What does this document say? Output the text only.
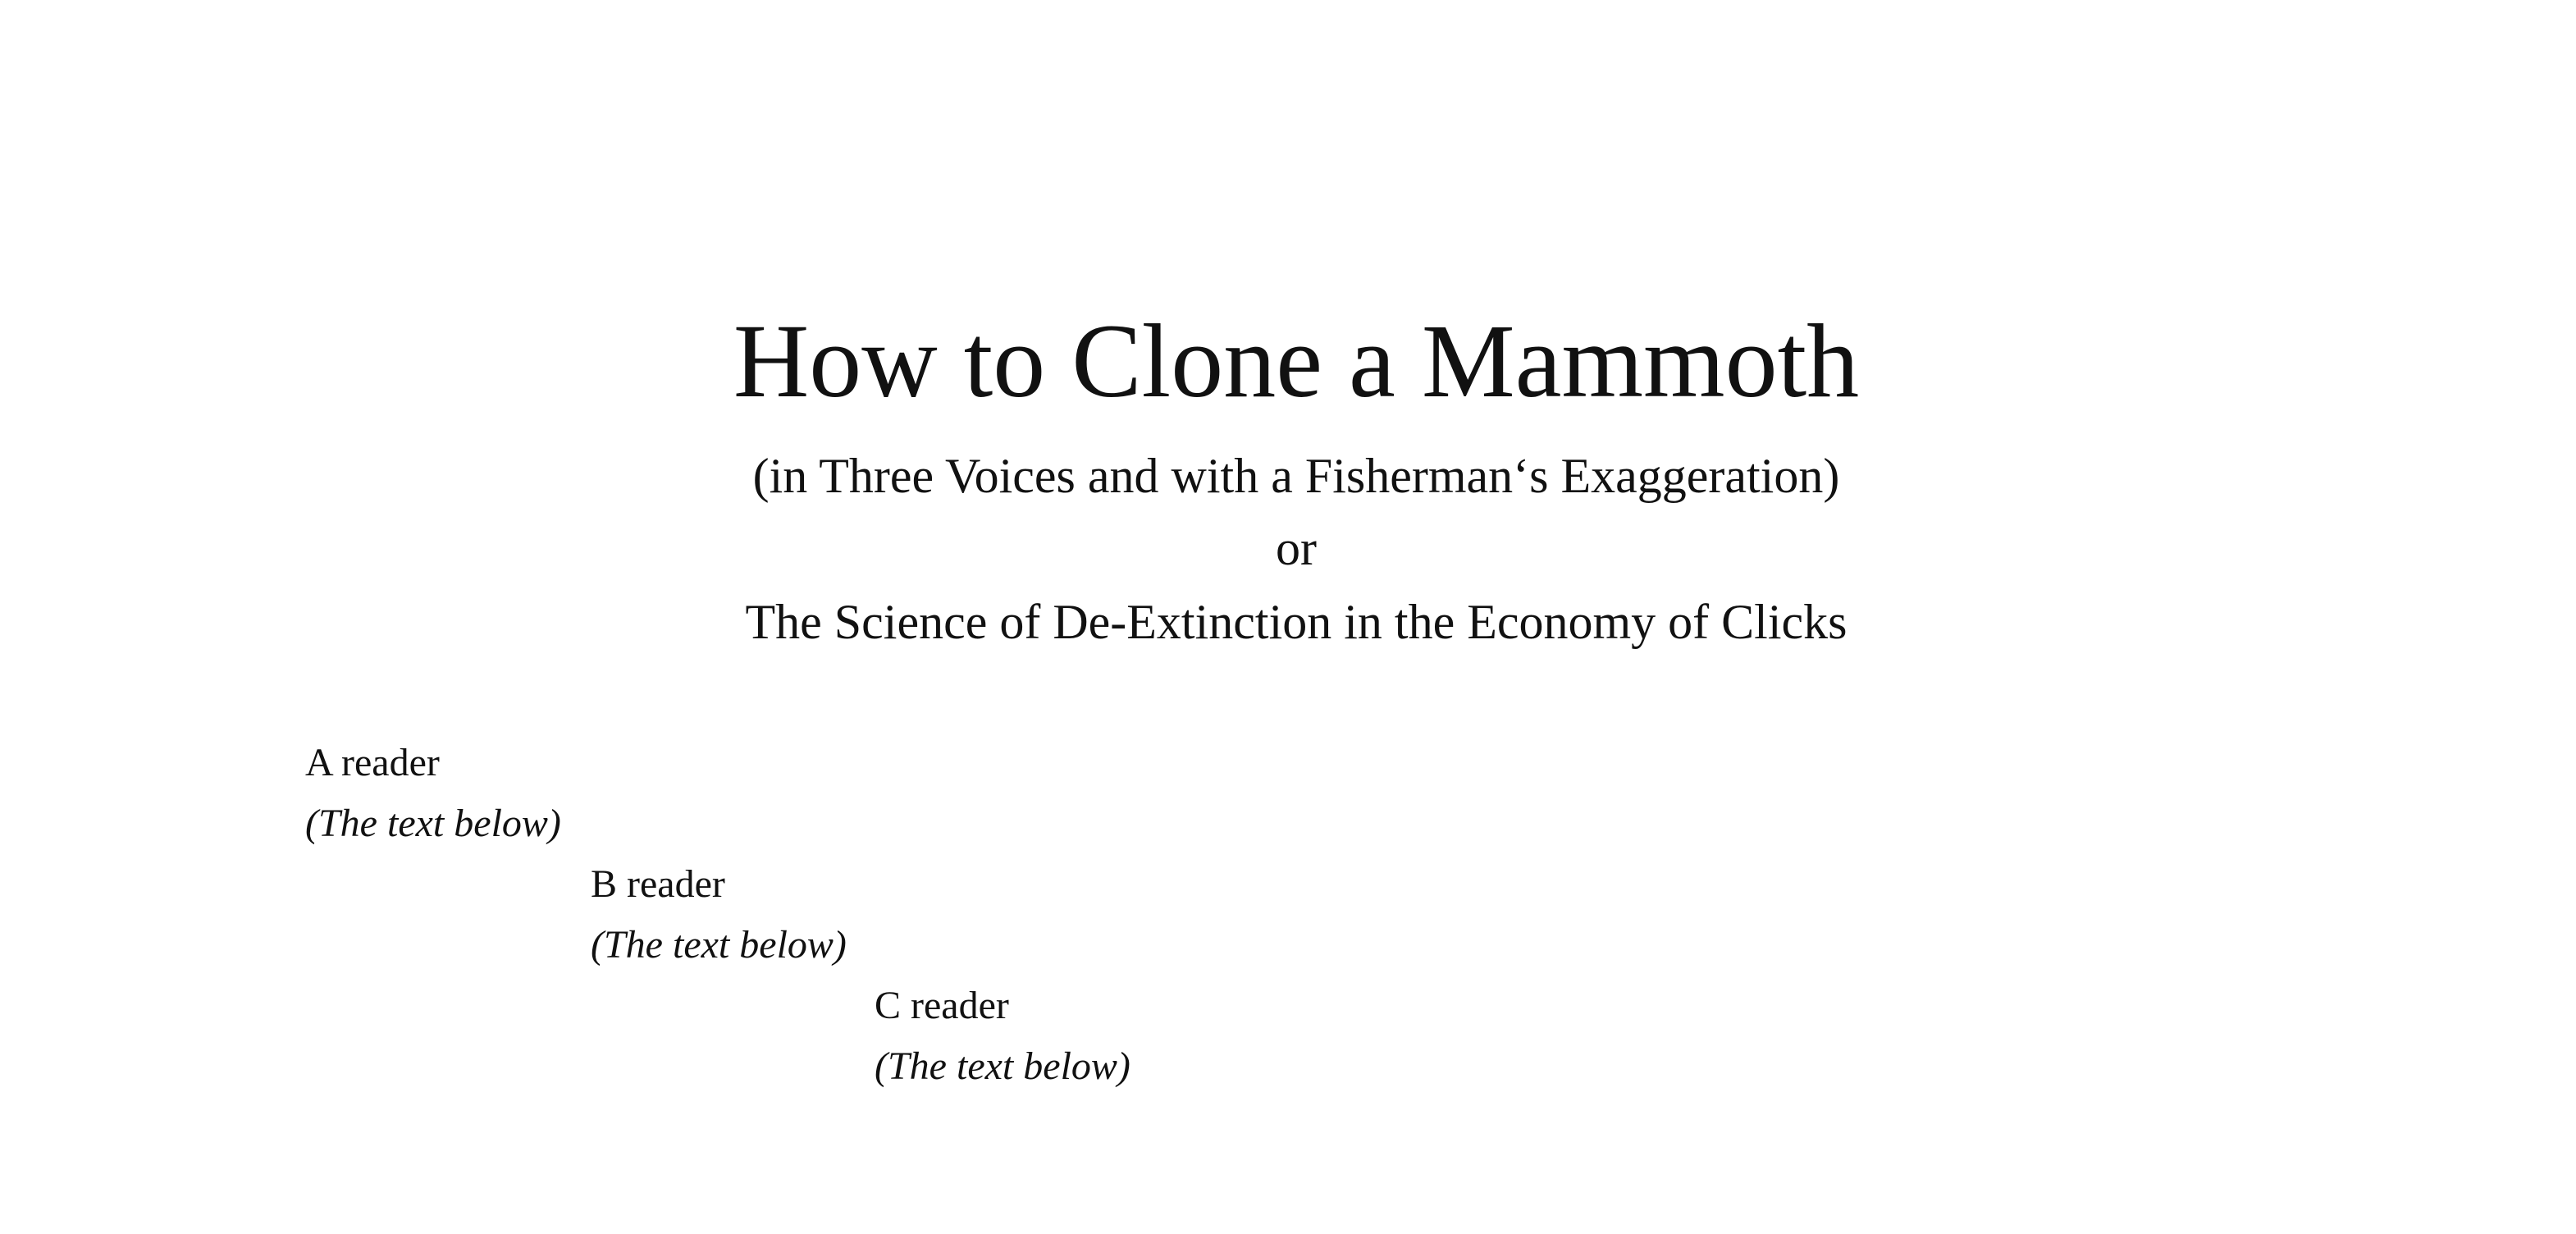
How to Clone a Mammoth

(in Three Voices and with a Fisherman‘s Exaggeration)

or

The Science of De-Extinction in the Economy of Clicks

A reader
(The text below)
B reader
(The text below)
C reader
(The text below)
